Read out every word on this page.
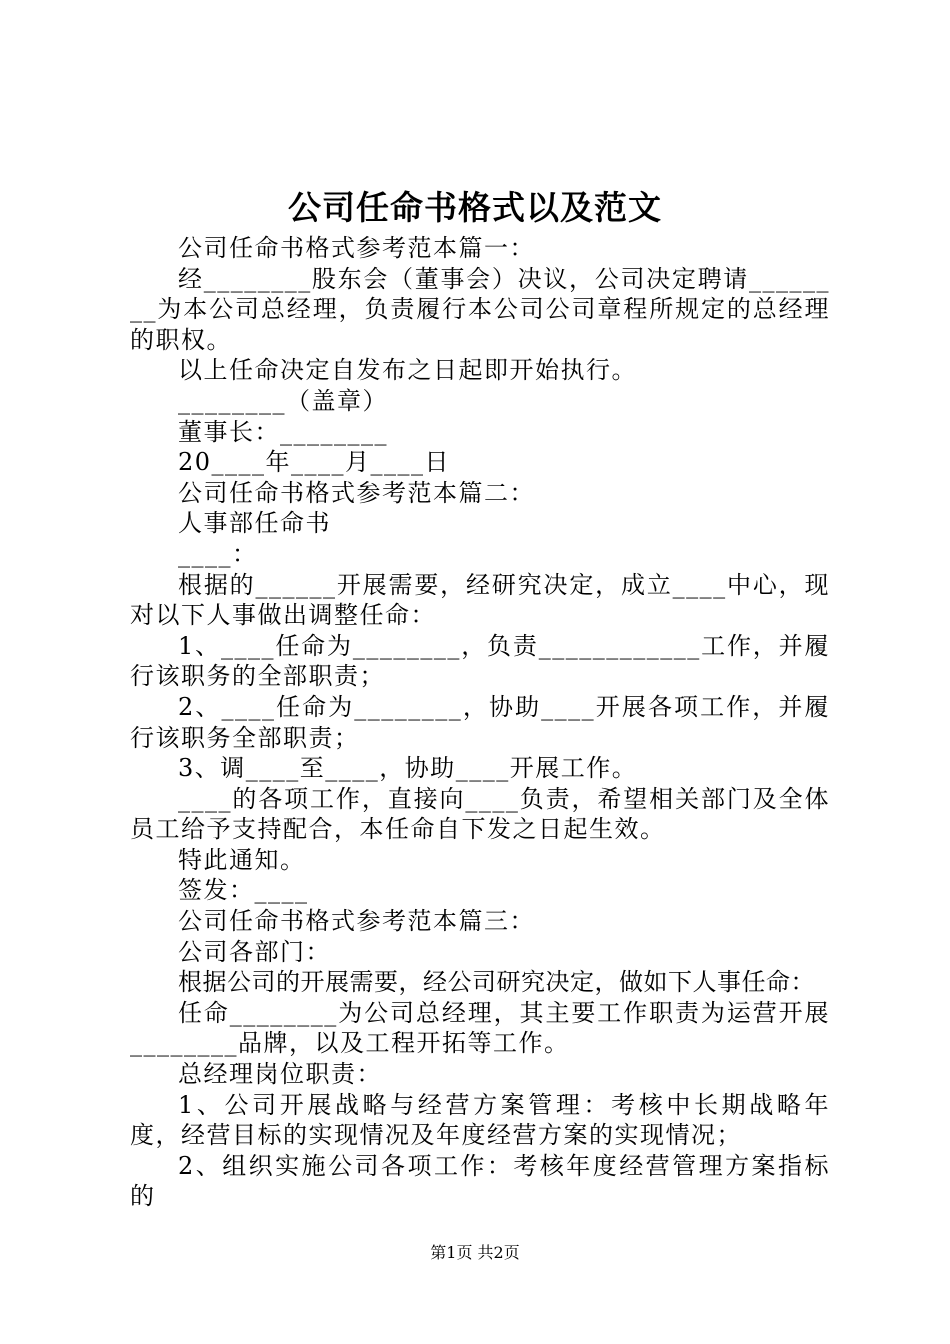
公司任命书格式以及范文

公司任命书格式参考范本篇一：

经________股东会（董事会）决议，公司决定聘请________为本公司总经理，负责履行本公司公司章程所规定的总经理的职权。

以上任命决定自发布之日起即开始执行。

________（盖章）

董事长：________

20____年____月____日

公司任命书格式参考范本篇二：

人事部任命书

____：

根据的______开展需要，经研究决定，成立____中心，现对以下人事做出调整任命：

1、____任命为________，负责____________工作，并履行该职务的全部职责；

2、____任命为________，协助____开展各项工作，并履行该职务全部职责；

3、调____至____，协助____开展工作。

____的各项工作，直接向____负责，希望相关部门及全体员工给予支持配合，本任命自下发之日起生效。

特此通知。

签发：____

公司任命书格式参考范本篇三：

公司各部门：

根据公司的开展需要，经公司研究决定，做如下人事任命：

任命________为公司总经理，其主要工作职责为运营开展________品牌，以及工程开拓等工作。

总经理岗位职责：

1、公司开展战略与经营方案管理：考核中长期战略年度，经营目标的实现情况及年度经营方案的实现情况；

2、组织实施公司各项工作：考核年度经营管理方案指标的

第1页 共2页
